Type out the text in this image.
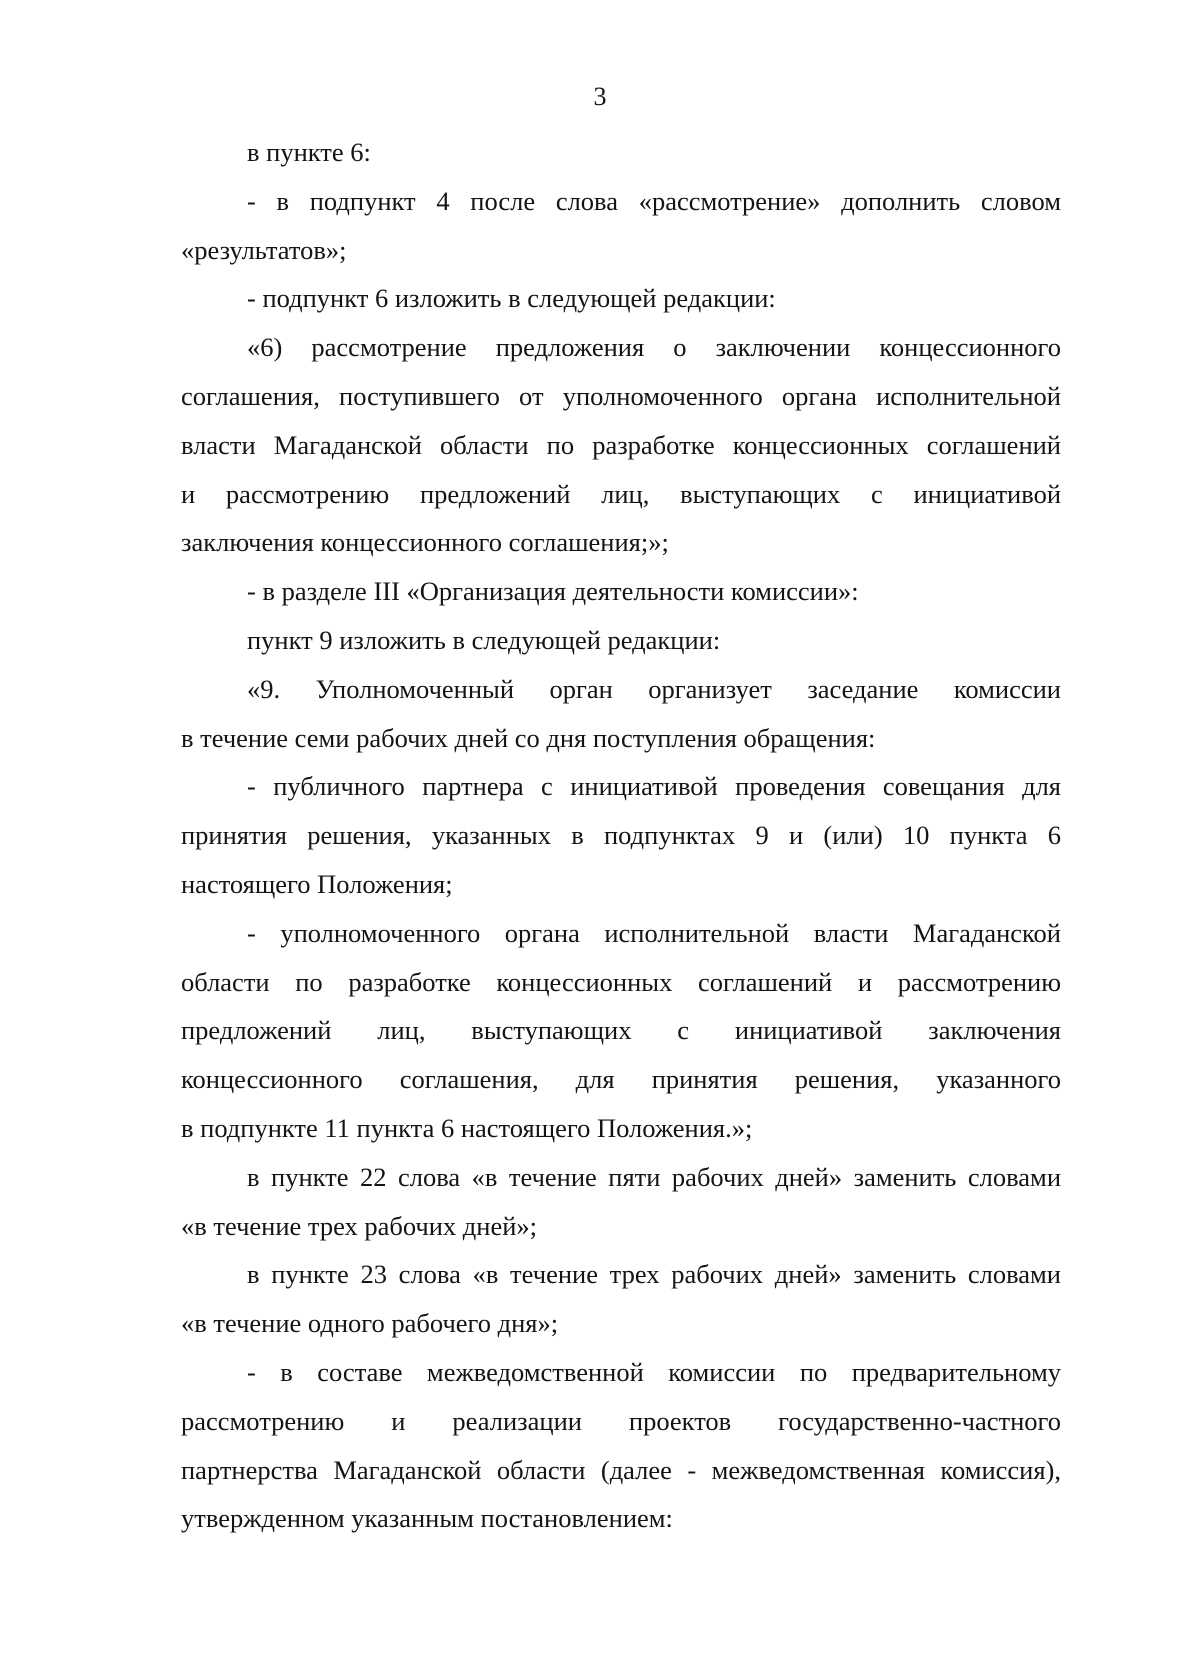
3
в пункте 6:
- в подпункт 4 после слова «рассмотрение» дополнить словом
«результатов»;
- подпункт 6 изложить в следующей редакции:
«6) рассмотрение предложения о заключении концессионного
соглашения, поступившего от уполномоченного органа исполнительной
власти Магаданской области по разработке концессионных соглашений
и рассмотрению предложений лиц, выступающих с инициативой
заключения концессионного соглашения;»;
- в разделе III «Организация деятельности комиссии»:
пункт 9 изложить в следующей редакции:
«9. Уполномоченный орган организует заседание комиссии
в течение семи рабочих дней со дня поступления обращения:
- публичного партнера с инициативой проведения совещания для
принятия решения, указанных в подпунктах 9 и (или) 10 пункта 6
настоящего Положения;
- уполномоченного органа исполнительной власти Магаданской
области по разработке концессионных соглашений и рассмотрению
предложений лиц, выступающих с инициативой заключения
концессионного соглашения, для принятия решения, указанного
в подпункте 11 пункта 6 настоящего Положения.»;
в пункте 22 слова «в течение пяти рабочих дней» заменить словами
«в течение трех рабочих дней»;
в пункте 23 слова «в течение трех рабочих дней» заменить словами
«в течение одного рабочего дня»;
- в составе межведомственной комиссии по предварительному
рассмотрению и реализации проектов государственно-частного
партнерства Магаданской области (далее - межведомственная комиссия),
утвержденном указанным постановлением:
